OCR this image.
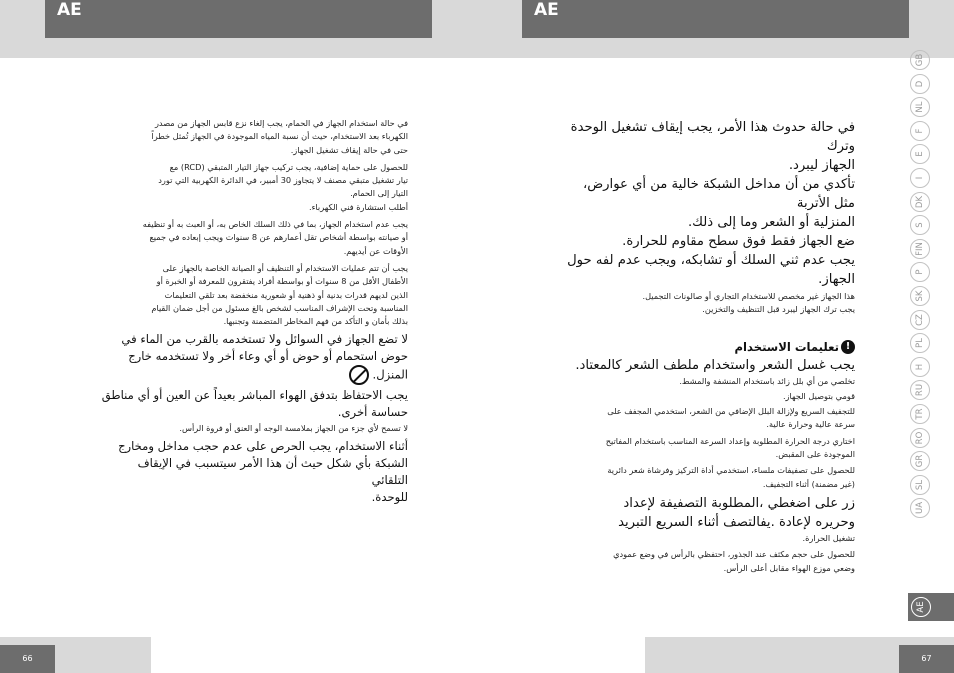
AE	AE

في حالة استخدام الجهاز في الحمام، يجب إلغاء نزع قابس الجهاز من مصدر

الكهرباء بعد الاستخدام، حيث أن نسبة المياه الموجودة في الجهاز تُمثل خطراً

حتى في حالة إيقاف تشغيل الجهاز.

للحصول على حماية إضافية، يجب تركيب جهاز التيار المتبقي (RCD) مع

تيار تشغيل متبقي مصنف لا يتجاوز 30 أمبير، في الدائرة الكهربية التي تورد

التيار إلى الحمام.

أطلب استشارة فني الكهرباء.

يجب عدم استخدام الجهاز، بما في ذلك السلك الخاص به، أو العبث به أو تنظيفه

أو صيانته بواسطة أشخاص تقل أعمارهم عن 8 سنوات ويجب إبعاده في جميع

الأوقات عن أيديهم.

يجب أن تتم عمليات الاستخدام أو التنظيف أو الصيانة الخاصة بالجهاز على

الأطفال الأقل من 8 سنوات أو بواسطة أفراد يفتقرون للمعرفة أو الخبرة أو

الذين لديهم قدرات بدنية أو ذهنية أو شعورية منخفضة بعد تلقي التعليمات

المناسبة وتحت الإشراف المناسب لشخص بالغ مسئول من أجل ضمان القيام

بذلك بأمان و التأكد من فهم المخاطر المتضمنة وتجنبها.

لا تضع الجهاز في السوائل ولا تستخدمه بالقرب من الماء في

حوض استحمام أو حوض أو أي وعاء أخر ولا تستخدمه خارج

المنزل.

يجب الاحتفاظ بتدفق الهواء المباشر بعيداً عن العين أو أي مناطق

حساسة أخرى.

لا تسمح لأي جزء من الجهاز بملامسة الوجه أو العنق أو فروة الرأس.

أثناء الاستخدام، يجب الحرص على عدم حجب مداخل ومخارج

الشبكة بأي شكل حيث أن هذا الأمر سيتسبب في الإيقاف التلقائي

للوحدة.

في حالة حدوث هذا الأمر، يجب إيقاف تشغيل الوحدة وترك

الجهاز ليبرد.

تأكدي من أن مداخل الشبكة خالية من أي عوارض، مثل الأتربة

المنزلية أو الشعر وما إلى ذلك.

ضع الجهاز فقط فوق سطح مقاوم للحرارة.

يجب عدم ثني السلك أو تشابكه، ويجب عدم لفه حول الجهاز.

هذا الجهاز غير مخصص للاستخدام التجاري أو صالونات التجميل.

يجب ترك الجهاز ليبرد قبل التنظيف والتخزين.

!تعليمات الاستخدام

يجب غسل الشعر واستخدام ملطف الشعر كالمعتاد.

تخلصي من أي بلل زائد باستخدام المنشفة والمشط.

قومي بتوصيل الجهاز.

للتجفيف السريع ولإزالة البلل الإضافي من الشعر، استخدمي المجفف على

سرعة عالية وحرارة عالية.

اختاري درجة الحرارة المطلوبة وإعداد السرعة المناسب باستخدام المفاتيح

الموجودة على المقبض.

للحصول على تصفيفات ملساء، استخدمي أداة التركيز وفرشاة شعر دائرية

(غير مضمنة) أثناء التجفيف.

زر على اضغطي ،المطلوبة التصفيفة لإعداد

وحريره لإعادة .يفالتصف أثناء السريع التبريد

تشغيل الحرارة.

للحصول على حجم مكثف عند الجذور، احتفظي بالرأس في وضع عمودي

وضعي موزع الهواء مقابل أعلى الرأس.

GB
D
NL
F
E
I
DK
S
FIN
P
SK
CZ
PL
H
RU
TR
RO
GR
SL
UA
AE
66	67
